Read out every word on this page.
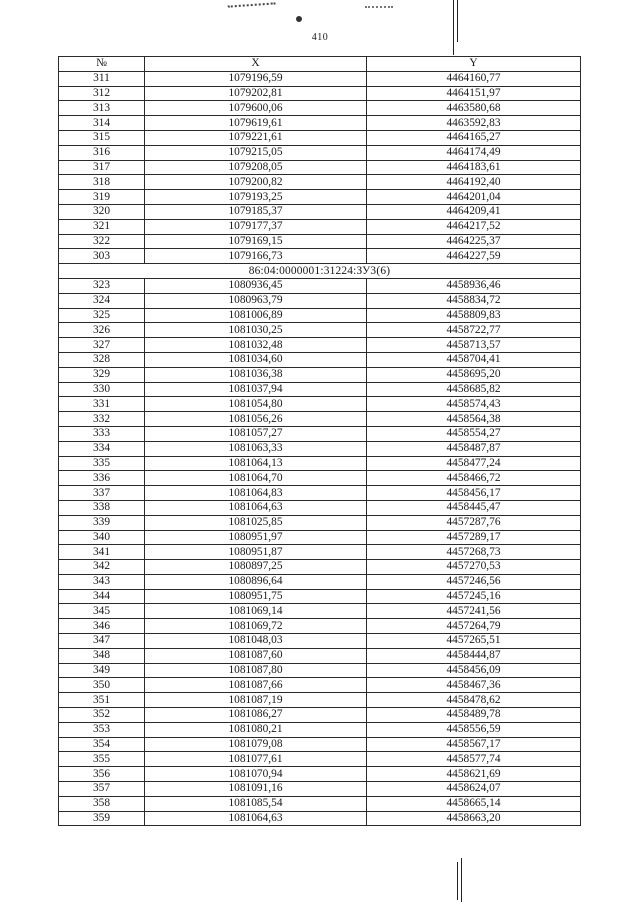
410
№	X	Y
311	1079196,59	4464160,77
312	1079202,81	4464151,97
313	1079600,06	4463580,68
314	1079619,61	4463592,83
315	1079221,61	4464165,27
316	1079215,05	4464174,49
317	1079208,05	4464183,61
318	1079200,82	4464192,40
319	1079193,25	4464201,04
320	1079185,37	4464209,41
321	1079177,37	4464217,52
322	1079169,15	4464225,37
303	1079166,73	4464227,59
86:04:0000001:31224:ЗУ3(6)		
323	1080936,45	4458936,46
324	1080963,79	4458834,72
325	1081006,89	4458809,83
326	1081030,25	4458722,77
327	1081032,48	4458713,57
328	1081034,60	4458704,41
329	1081036,38	4458695,20
330	1081037,94	4458685,82
331	1081054,80	4458574,43
332	1081056,26	4458564,38
333	1081057,27	4458554,27
334	1081063,33	4458487,87
335	1081064,13	4458477,24
336	1081064,70	4458466,72
337	1081064,83	4458456,17
338	1081064,63	4458445,47
339	1081025,85	4457287,76
340	1080951,97	4457289,17
341	1080951,87	4457268,73
342	1080897,25	4457270,53
343	1080896,64	4457246,56
344	1080951,75	4457245,16
345	1081069,14	4457241,56
346	1081069,72	4457264,79
347	1081048,03	4457265,51
348	1081087,60	4458444,87
349	1081087,80	4458456,09
350	1081087,66	4458467,36
351	1081087,19	4458478,62
352	1081086,27	4458489,78
353	1081080,21	4458556,59
354	1081079,08	4458567,17
355	1081077,61	4458577,74
356	1081070,94	4458621,69
357	1081091,16	4458624,07
358	1081085,54	4458665,14
359	1081064,63	4458663,20
